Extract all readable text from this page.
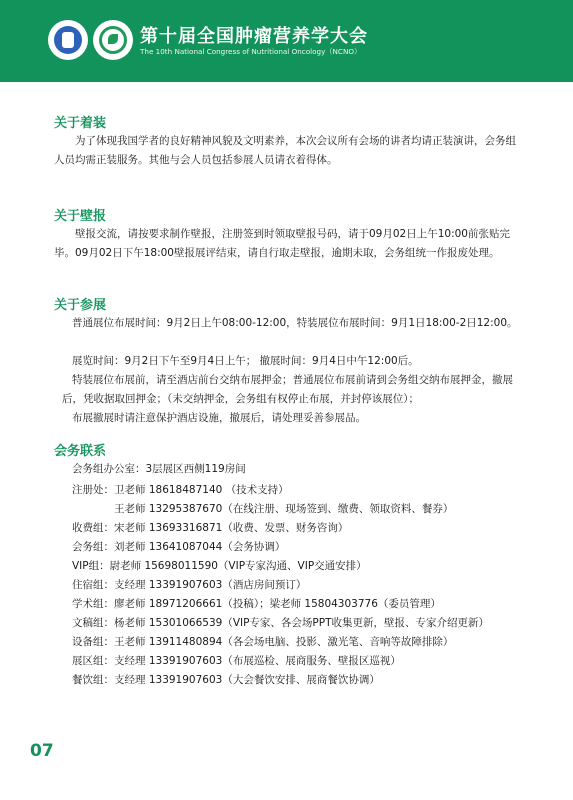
第十届全国肿瘤营养学大会
The 10th National Congress of Nutritional Oncology（NCNO）
关于着装

为了体现我国学者的良好精神风貌及文明素养，本次会议所有会场的讲者均请正装演讲，会务组人员均需正装服务。其他与会人员包括参展人员请衣着得体。

关于壁报

壁报交流，请按要求制作壁报，注册签到时领取壁报号码，请于09月02日上午10:00前张贴完毕。09月02日下午18:00壁报展评结束，请自行取走壁报，逾期未取，会务组统一作报废处理。

关于参展

普通展位布展时间：9月2日上午08:00-12:00，特装展位布展时间：9月1日18:00-2日12:00。

展览时间：9月2日下午至9月4日上午； 撤展时间：9月4日中午12:00后。

特装展位布展前，请至酒店前台交纳布展押金；普通展位布展前请到会务组交纳布展押金，撤展后，凭收据取回押金；（未交纳押金，会务组有权停止布展，并封停该展位）；

布展撤展时请注意保护酒店设施，撤展后，请处理妥善参展品。

会务联系
会务组办公室：3层展区西侧119房间
注册处：卫老师 18618487140 （技术支持）
王老师 13295387670（在线注册、现场签到、缴费、领取资料、餐券）
收费组：宋老师 13693316871（收费、发票、财务咨询）
会务组：刘老师 13641087044（会务协调）
VIP组：尉老师 15698011590（VIP专家沟通、VIP交通安排）
住宿组：支经理 13391907603（酒店房间预订）
学术组：廖老师 18971206661（投稿）；梁老师 15804303776（委员管理）
文稿组：杨老师 15301066539（VIP专家、各会场PPT收集更新，壁报、专家介绍更新）
设备组：王老师 13911480894（各会场电脑、投影、激光笔、音响等故障排除）
展区组：支经理 13391907603（布展巡检、展商服务、壁报区巡视）
餐饮组：支经理 13391907603（大会餐饮安排、展商餐饮协调）
07
